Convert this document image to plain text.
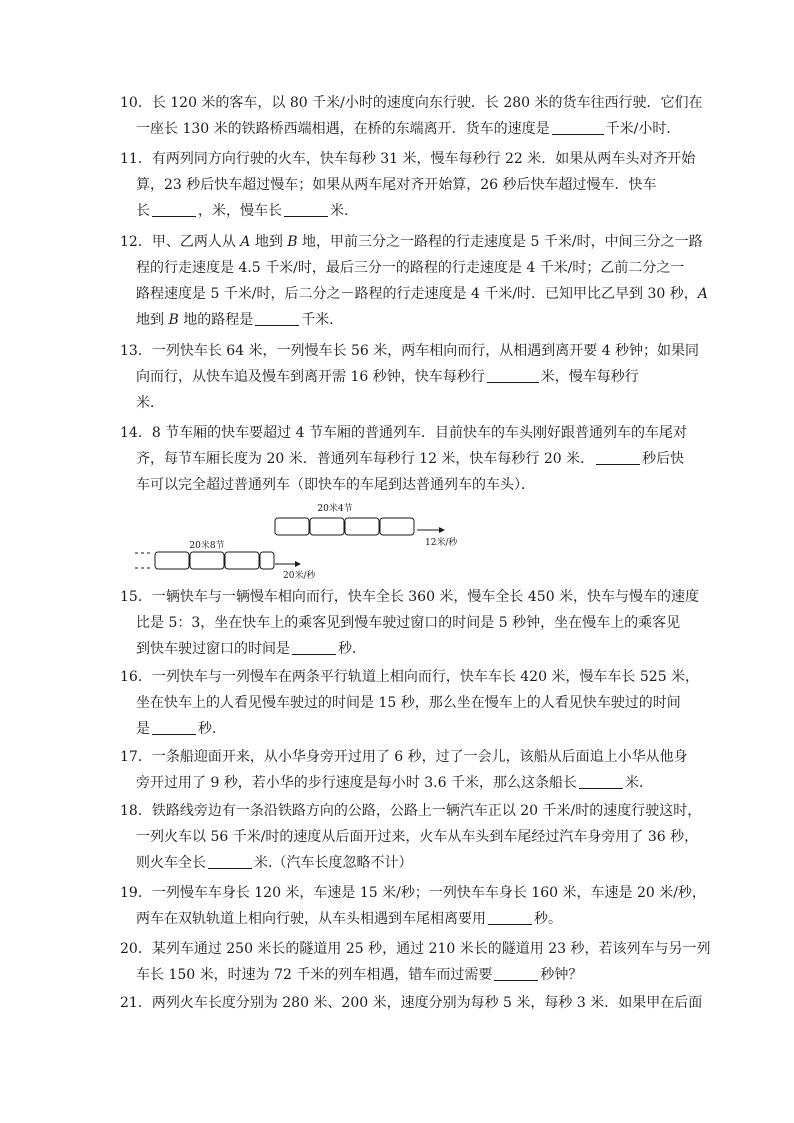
10．长 120 米的客车，以 80 千米/小时的速度向东行驶．长 280 米的货车往西行驶．它们在
一座长 130 米的铁路桥西端相遇，在桥的东端离开．货车的速度是	千米/小时．
11．有两列同方向行驶的火车，快车每秒 31 米，慢车每秒行 22 米．如果从两车头对齐开始
算，23 秒后快车超过慢车；如果从两车尾对齐开始算，26 秒后快车超过慢车．快车
长	，米，慢车长	米．
12．甲、乙两人从 A 地到 B 地，甲前三分之一路程的行走速度是 5 千米/时，中间三分之一路
程的行走速度是 4.5 千米/时，最后三分一的路程的行走速度是 4 千米/时；乙前二分之一
路程速度是 5 千米/时，后二分之－路程的行走速度是 4 千米/时．已知甲比乙早到 30 秒，A
地到 B 地的路程是	千米．
13．一列快车长 64 米，一列慢车长 56 米，两车相向而行，从相遇到离开要 4 秒钟；如果同
向而行，从快车追及慢车到离开需 16 秒钟，快车每秒行	米，慢车每秒行
米．
14．8 节车厢的快车要超过 4 节车厢的普通列车．目前快车的车头刚好跟普通列车的车尾对
齐，每节车厢长度为 20 米．普通列车每秒行 12 米，快车每秒行 20 米．	秒后快
车可以完全超过普通列车（即快车的车尾到达普通列车的车头）．
20米4节
12米/秒
20米8节
20米/秒
15．一辆快车与一辆慢车相向而行，快车全长 360 米，慢车全长 450 米，快车与慢车的速度
比是 5：3，坐在快车上的乘客见到慢车驶过窗口的时间是 5 秒钟，坐在慢车上的乘客见
到快车驶过窗口的时间是	秒．
16．一列快车与一列慢车在两条平行轨道上相向而行，快车车长 420 米，慢车车长 525 米，
坐在快车上的人看见慢车驶过的时间是 15 秒，那么坐在慢车上的人看见快车驶过的时间
是	秒．
17．一条船迎面开来，从小华身旁开过用了 6 秒，过了一会儿，该船从后面追上小华从他身
旁开过用了 9 秒，若小华的步行速度是每小时 3.6 千米，那么这条船长	米．
18．铁路线旁边有一条沿铁路方向的公路，公路上一辆汽车正以 20 千米/时的速度行驶这时，
一列火车以 56 千米/时的速度从后面开过来，火车从车头到车尾经过汽车身旁用了 36 秒，
则火车全长	米.（汽车长度忽略不计）
19．一列慢车车身长 120 米，车速是 15 米/秒；一列快车车身长 160 米，车速是 20 米/秒，
两车在双轨轨道上相向行驶，从车头相遇到车尾相离要用	秒。
20．某列车通过 250 米长的隧道用 25 秒，通过 210 米长的隧道用 23 秒，若该列车与另一列
车长 150 米，时速为 72 千米的列车相遇，错车而过需要	秒钟？
21．两列火车长度分别为 280 米、200 米，速度分别为每秒 5 米，每秒 3 米．如果甲在后面
